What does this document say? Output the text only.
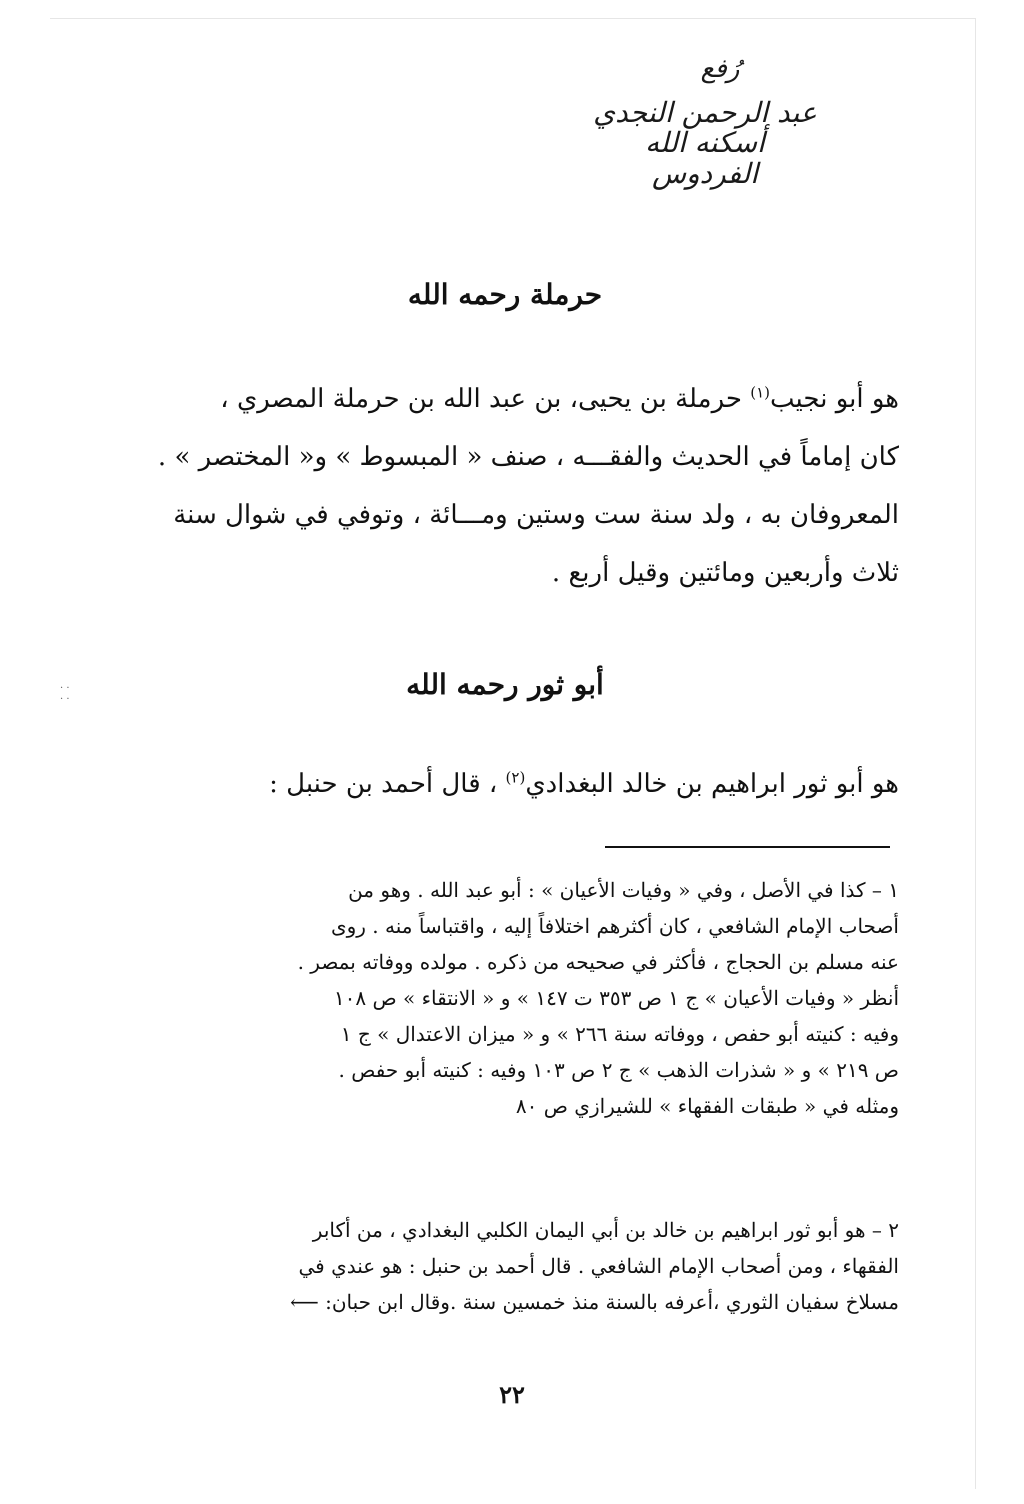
· ·
· ·
رُفع
عبد الرحمن النجدي
أسكنه الله الفردوس
حرملة رحمه الله
هو أبو نجيب$^{(١)}$ حرملة بن يحيى، بن عبد الله بن حرملة المصري ،
كان إماماً في الحديث والفقـــه ، صنف « المبسوط » و« المختصر » .
المعروفان به ، ولد سنة ست وستين ومـــائة ، وتوفي في شوال سنة
ثلاث وأربعين ومائتين وقيل أربع .
أبو ثور رحمه الله
هو أبو ثور ابراهيم بن خالد البغدادي$^{(٢)}$ ، قال أحمد بن حنبل :
١ – كذا في الأصل ، وفي « وفيات الأعيان » : أبو عبد الله . وهو من
أصحاب الإمام الشافعي ، كان أكثرهم اختلافاً إليه ، واقتباساً منه . روى
عنه مسلم بن الحجاج ، فأكثر في صحيحه من ذكره . مولده ووفاته بمصر .
أنظر « وفيات الأعيان » ج ١ ص ٣٥٣ ت ١٤٧ » و « الانتقاء » ص ١٠٨
وفيه : كنيته أبو حفص ، ووفاته سنة ٢٦٦ » و « ميزان الاعتدال » ج ١
ص ٢١٩ » و « شذرات الذهب » ج ٢ ص ١٠٣ وفيه : كنيته أبو حفص .
ومثله في « طبقات الفقهاء » للشيرازي ص ٨٠
٢ – هو أبو ثور ابراهيم بن خالد بن أبي اليمان الكلبي البغدادي ، من أكابر
الفقهاء ، ومن أصحاب الإمام الشافعي . قال أحمد بن حنبل : هو عندي في
مسلاخ سفيان الثوري ،أعرفه بالسنة منذ خمسين سنة .وقال ابن حبان: ⟵
٢٢
